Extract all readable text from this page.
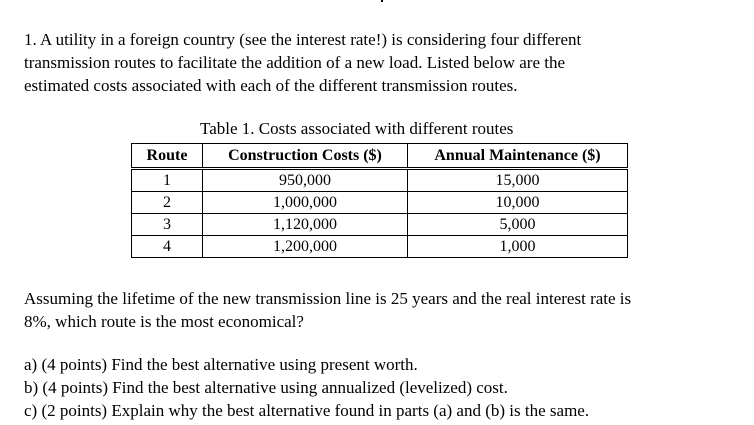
1. A utility in a foreign country (see the interest rate!) is considering four different
transmission routes to facilitate the addition of a new load. Listed below are the
estimated costs associated with each of the different transmission routes.
Table 1. Costs associated with different routes
Route	Construction Costs ($)	Annual Maintenance ($)
1	950,000	15,000
2	1,000,000	10,000
3	1,120,000	5,000
4	1,200,000	1,000
Assuming the lifetime of the new transmission line is 25 years and the real interest rate is
8%, which route is the most economical?
a) (4 points) Find the best alternative using present worth.
b) (4 points) Find the best alternative using annualized (levelized) cost.
c) (2 points) Explain why the best alternative found in parts (a) and (b) is the same.
